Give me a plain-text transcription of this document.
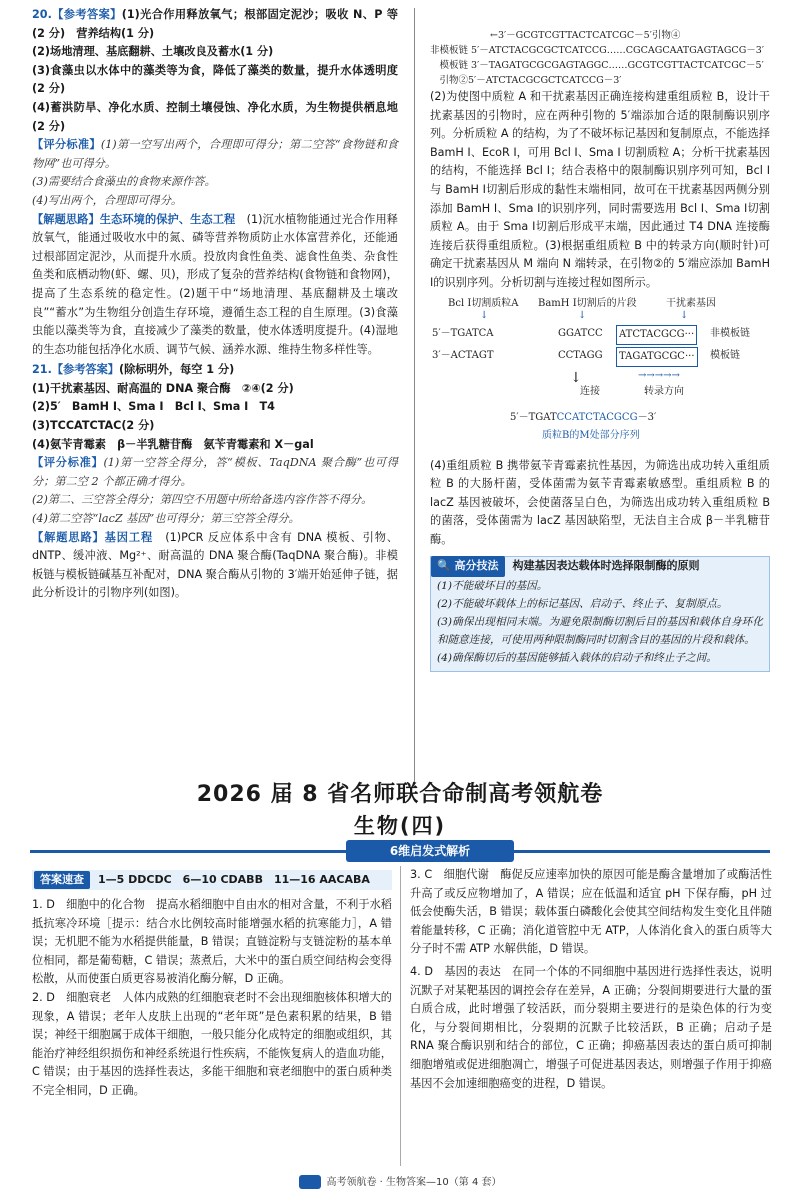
20.【参考答案】(1)光合作用释放氧气；根部固定泥沙；吸收 N、P 等(2 分)　营养结构(1 分)

(2)场地清理、基底翻耕、土壤改良及蓄水(1 分)

(3)食藻虫以水体中的藻类等为食，降低了藻类的数量，提升水体透明度(2 分)

(4)蓄洪防旱、净化水质、控制土壤侵蚀、净化水质，为生物提供栖息地(2 分)

【评分标准】(1)第一空写出两个，合理即可得分；第二空答“食物链和食物网”也可得分。

(3)需要结合食藻虫的食物来源作答。

(4)写出两个，合理即可得分。

【解题思路】生态环境的保护、生态工程　 (1)沉水植物能通过光合作用释放氧气，能通过吸收水中的氮、磷等营养物质防止水体富营养化，还能通过根部固定泥沙，从而提升水质。投放肉食性鱼类、滤食性鱼类、杂食性鱼类和底栖动物(虾、螺、贝)，形成了复杂的营养结构(食物链和食物网)，提高了生态系统的稳定性。(2)题干中“场地清理、基底翻耕及土壤改良”“蓄水”为生物组分创造生存环境，遵循生态工程的自生原理。(3)食藻虫能以藻类等为食，直接减少了藻类的数量，使水体透明度提升。(4)湿地的生态功能包括净化水质、调节气候、涵养水源、维持生物多样性等。

21.【参考答案】(除标明外，每空 1 分)

(1)干扰素基因、耐高温的 DNA 聚合酶　②④(2 分)

(2)5′　BamH Ⅰ、Sma Ⅰ　Bcl Ⅰ、Sma Ⅰ　T4

(3)TCCATCTAC(2 分)

(4)氨苄青霉素　β－半乳糖苷酶　氨苄青霉素和 X－gal

【评分标准】(1)第一空答全得分，答“模板、TaqDNA 聚合酶”也可得分；第二空 2 个都正确才得分。

(2)第二、三空答全得分；第四空不用题中所给备选内容作答不得分。

(4)第二空答“lacZ 基因”也可得分；第三空答全得分。

【解题思路】基因工程　 (1)PCR 反应体系中含有 DNA 模板、引物、dNTP、缓冲液、Mg²⁺、耐高温的 DNA 聚合酶(TaqDNA 聚合酶)。非模板链与模板链碱基互补配对，DNA 聚合酶从引物的 3′端开始延伸子链，据此分析设计的引物序列(如图)。

←3′－GCGTCGTTACTCATCGC－5′引物④
非模板链 5′－ATCTACGCGCTCATCCG……CGCAGCAATGAGTAGCG－3′
　模板链 3′－TAGATGCGCGAGTAGGC……GCGTCGTTACTCATCGC－5′
　引物②5′－ATCTACGCGCTCATCCG－3′

(2)为使图中质粒 A 和干扰素基因正确连接构建重组质粒 B，设计干扰素基因的引物时，应在两种引物的 5′端添加合适的限制酶识别序列。分析质粒 A 的结构，为了不破坏标记基因和复制原点，不能选择 BamH Ⅰ、EcoR Ⅰ，可用 Bcl Ⅰ、Sma Ⅰ 切割质粒 A；分析干扰素基因的结构，不能选择 Bcl Ⅰ；结合表格中的限制酶识别序列可知，Bcl Ⅰ与 BamH Ⅰ切割后形成的黏性末端相同，故可在干扰素基因两侧分别添加 BamH Ⅰ、Sma Ⅰ的识别序列，同时需要选用 Bcl Ⅰ、Sma Ⅰ切割质粒 A。由于 Sma Ⅰ切割后形成平末端，因此通过 T4 DNA 连接酶连接后获得重组质粒。(3)根据重组质粒 B 中的转录方向(顺时针)可确定干扰素基因从 M 端向 N 端转录，在引物②的 5′端应添加 BamH Ⅰ的识别序列。分析切割与连接过程如图所示。

Bcl Ⅰ切割质粒A BamH Ⅰ切割后的片段	干扰素基因
↓	↓	↓
5′－TGATCA	GGATCC	ATCTACGCG···	非模板链
3′－ACTAGT	CCTAGG	TAGATGCGC···	模板链
↓
连接
→→→→→
转录方向
5′－TGATCCATCTACGCG－3′
质粒B的M处部分序列

(4)重组质粒 B 携带氨苄青霉素抗性基因，为筛选出成功转入重组质粒 B 的大肠杆菌，受体菌需为氨苄青霉素敏感型。重组质粒 B 的 lacZ 基因被破坏，会使菌落呈白色，为筛选出成功转入重组质粒 B 的菌落，受体菌需为 lacZ 基因缺陷型，无法自主合成 β－半乳糖苷酶。

🔍 高分技法	构建基因表达载体时选择限制酶的原则

(1)不能破坏目的基因。

(2)不能破坏载体上的标记基因、启动子、终止子、复制原点。

(3)确保出现相同末端。为避免限制酶切割后目的基因和载体自身环化和随意连接，可使用两种限制酶同时切割含目的基因的片段和载体。

(4)确保酶切后的基因能够插入载体的启动子和终止子之间。

2026 届 8 省名师联合命制高考领航卷
生物(四)
6维启发式解析
答案速查	1—5 DDCDC　6—10 CDABB　11—16 AACABA

1. D　细胞中的化合物　提高水稻细胞中自由水的相对含量，不利于水稻抵抗寒冷环境［提示：结合水比例较高时能增强水稻的抗寒能力］，A 错误；无机肥不能为水稻提供能量，B 错误；直链淀粉与支链淀粉的基本单位相同，都是葡萄糖，C 错误；蒸煮后，大米中的蛋白质空间结构会变得松散，从而使蛋白质更容易被消化酶分解，D 正确。

2. D　细胞衰老　人体内成熟的红细胞衰老时不会出现细胞核体积增大的现象，A 错误；老年人皮肤上出现的“老年斑”是色素积累的结果，B 错误；神经干细胞属于成体干细胞，一般只能分化成特定的细胞或组织，其能治疗神经组织损伤和神经系统退行性疾病，不能恢复病人的造血功能，C 错误；由于基因的选择性表达，多能干细胞和衰老细胞中的蛋白质种类不完全相同，D 正确。

3. C　细胞代谢　酶促反应速率加快的原因可能是酶含量增加了或酶活性升高了或反应物增加了，A 错误；应在低温和适宜 pH 下保存酶，pH 过低会使酶失活，B 错误；载体蛋白磷酸化会使其空间结构发生变化且伴随着能量转移，C 正确；消化道管腔中无 ATP，人体消化食入的蛋白质等大分子时不需 ATP 水解供能，D 错误。

4. D　基因的表达　在同一个体的不同细胞中基因进行选择性表达，说明沉默子对某靶基因的调控会存在差异，A 正确；分裂间期要进行大量的蛋白质合成，此时增强了较活跃，而分裂期主要进行的是染色体的行为变化，与分裂间期相比，分裂期的沉默子比较活跃，B 正确；启动子是 RNA 聚合酶识别和结合的部位，C 正确；抑癌基因表达的蛋白质可抑制细胞增殖或促进细胞凋亡，增强子可促进基因表达，则增强子作用于抑癌基因不会加速细胞癌变的进程，D 错误。

高考领航卷 · 生物答案—10（第 4 套）
